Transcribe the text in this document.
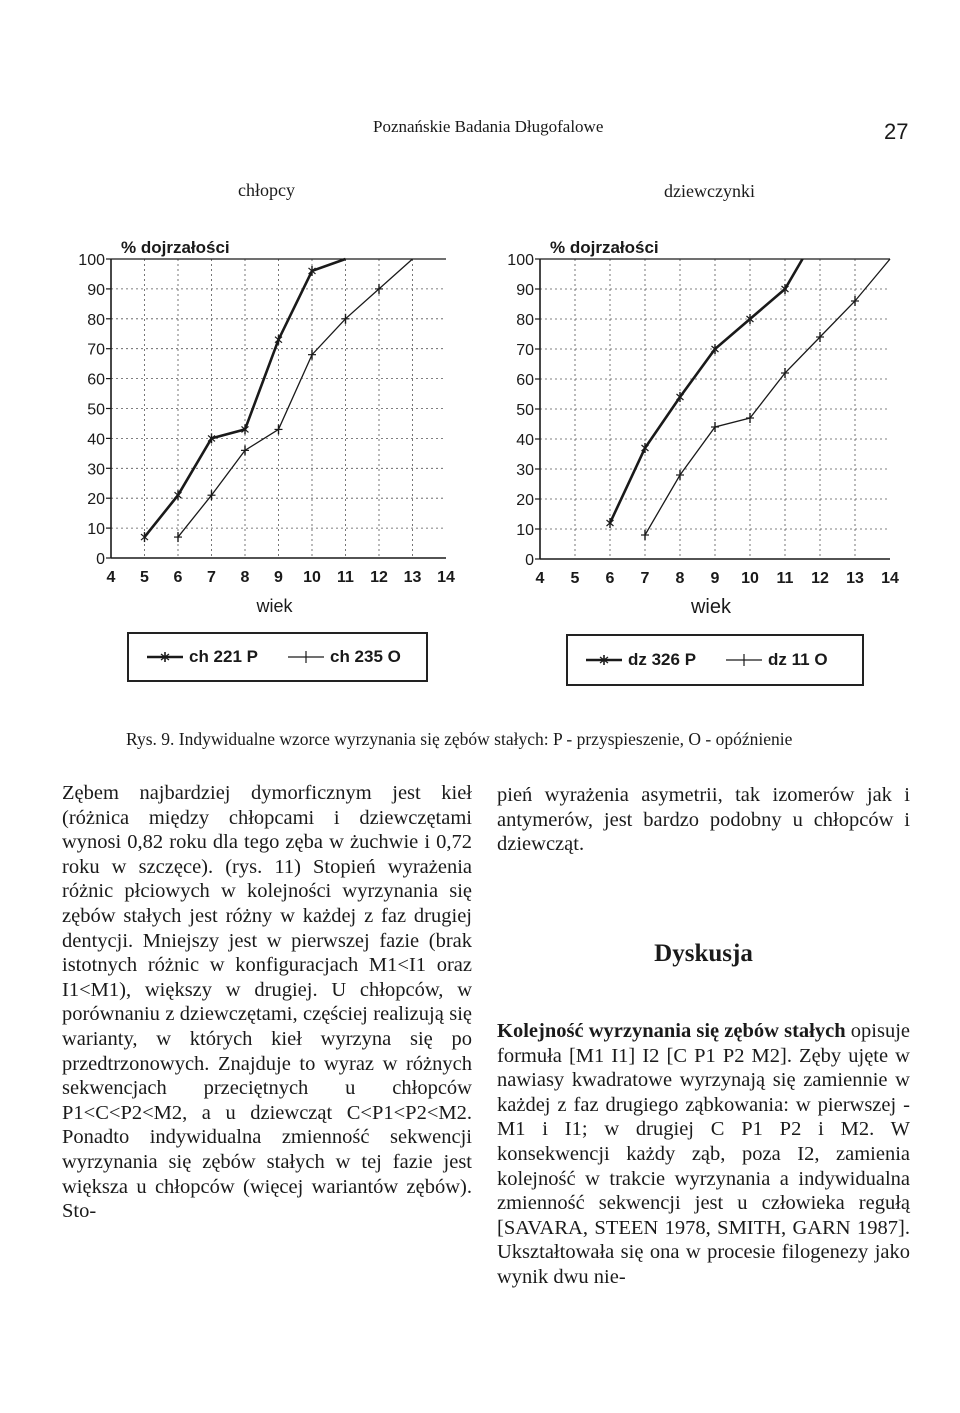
Poznańskie Badania Długofalowe	27
chłopcy	dziewczynki
0
10
20
30
40
50
60
70
80
90
100
4 5 6 7 8 9 10 11 12 13 14
% dojrzałości
wiek
0
10
20
30
40
50
60
70
80
90
100
4 5 6 7 8 9 10 11 12 13 14
% dojrzałości
wiek
ch 221 P	ch 235 O	dz 326 P	dz 11 O
Rys. 9. Indywidualne wzorce wyrzynania się zębów stałych: P - przyspieszenie, O - opóźnienie

Zębem najbardziej dymorficznym jest kieł (różnica między chłopcami i dziewczętami wynosi 0,82 roku dla tego zęba w żuchwie i 0,72 roku w szczęce). (rys. 11) Stopień wyrażenia różnic płciowych w kolejności wyrzynania się zębów stałych jest różny w każdej z faz drugiej dentycji. Mniejszy jest w pierwszej fazie (brak istotnych różnic w konfiguracjach M1<I1 oraz I1<M1), większy w drugiej. U chłopców, w porównaniu z dziewczętami, częściej realizują się warianty, w których kieł wyrzyna się po przedtrzonowych. Znajduje to wyraz w różnych sekwencjach przeciętnych u chłopców P1<C<P2<M2, a u dziewcząt C<P1<P2<M2. Ponadto indywidualna zmienność sekwencji wyrzynania się zębów stałych w tej fazie jest większa u chłopców (więcej wariantów zębów). Sto-

pień wyrażenia asymetrii, tak izomerów jak i antymerów, jest bardzo podobny u chłopców i dziewcząt.

Dyskusja

Kolejność wyrzynania się zębów stałych opisuje formuła [M1 I1] I2 [C P1 P2 M2]. Zęby ujęte w nawiasy kwadratowe wyrzynają się zamiennie w każdej z faz drugiego ząbkowania: w pierwszej - M1 i I1; w drugiej C P1 P2 i M2. W konsekwencji każdy ząb, poza I2, zamienia kolejność w trakcie wyrzynania a indywidualna zmienność sekwencji jest u człowieka regułą [SAVARA, STEEN 1978, SMITH, GARN 1987]. Ukształtowała się ona w procesie filogenezy jako wynik dwu nie-
